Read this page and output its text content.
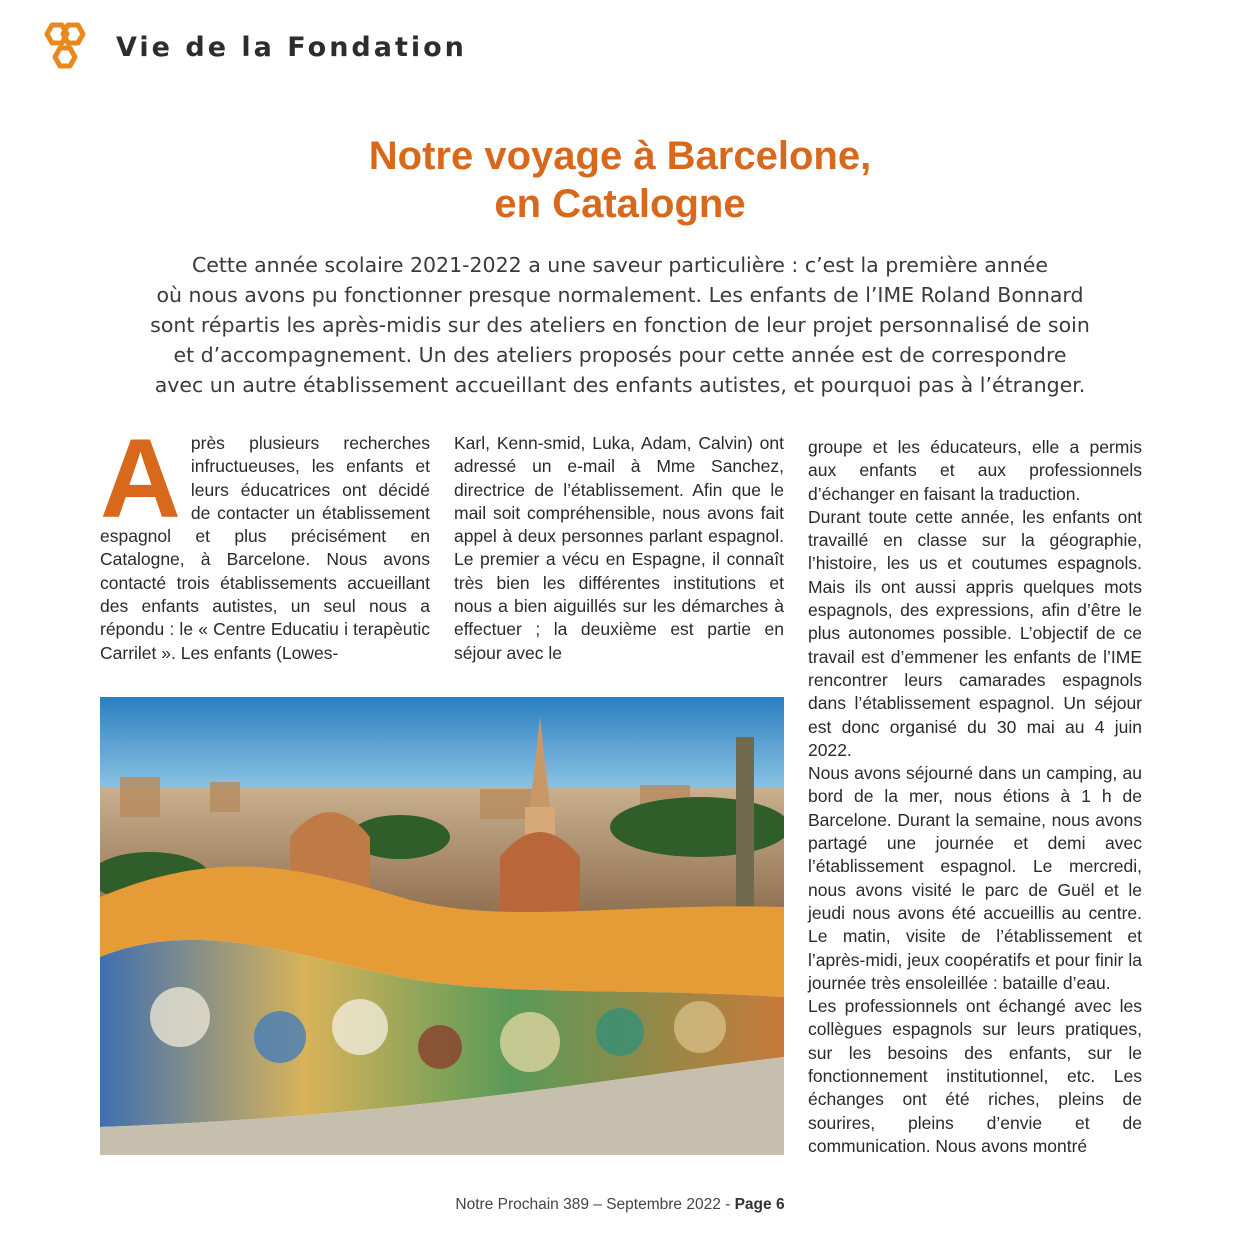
Vie de la Fondation
Notre voyage à Barcelone,
en Catalogne
Cette année scolaire 2021-2022 a une saveur particulière : c’est la première année
où nous avons pu fonctionner presque normalement. Les enfants de l’IME Roland Bonnard
sont répartis les après-midis sur des ateliers en fonction de leur projet personnalisé de soin
et d’accompagnement. Un des ateliers proposés pour cette année est de correspondre
avec un autre établissement accueillant des enfants autistes, et pourquoi pas à l’étranger.
A près plusieurs recherches infructueuses, les enfants et leurs éducatrices ont décidé de contacter un établissement espagnol et plus précisément en Catalogne, à Barcelone. Nous avons contacté trois établissements accueillant des enfants autistes, un seul nous a répondu : le « Centre Educatiu i terapèutic Carrilet ». Les enfants (Lowes-

Karl, Kenn-smid, Luka, Adam, Calvin) ont adressé un e-mail à Mme Sanchez, directrice de l’établissement. Afin que le mail soit compréhensible, nous avons fait appel à deux personnes parlant espagnol. Le premier a vécu en Espagne, il connaît très bien les différentes institutions et nous a bien aiguillés sur les démarches à effectuer ; la deuxième est partie en séjour avec le

groupe et les éducateurs, elle a permis aux enfants et aux professionnels d’échanger en faisant la traduction.

Durant toute cette année, les enfants ont travaillé en classe sur la géographie, l’histoire, les us et coutumes espagnols. Mais ils ont aussi appris quelques mots espagnols, des expressions, afin d’être le plus autonomes possible. L’objectif de ce travail est d’emmener les enfants de l’IME rencontrer leurs camarades espagnols dans l’établissement espagnol. Un séjour est donc organisé du 30 mai au 4 juin 2022.

Nous avons séjourné dans un camping, au bord de la mer, nous étions à 1 h de Barcelone. Durant la semaine, nous avons partagé une journée et demi avec l’établissement espagnol. Le mercredi, nous avons visité le parc de Guël et le jeudi nous avons été accueillis au centre. Le matin, visite de l’établissement et l’après-midi, jeux coopératifs et pour finir la journée très ensoleillée : bataille d’eau.

Les professionnels ont échangé avec les collègues espagnols sur leurs pratiques, sur les besoins des enfants, sur le fonctionnement institutionnel, etc. Les échanges ont été riches, pleins de sourires, pleins d’envie et de communication. Nous avons montré

Notre Prochain 389 – Septembre 2022 - Page 6
